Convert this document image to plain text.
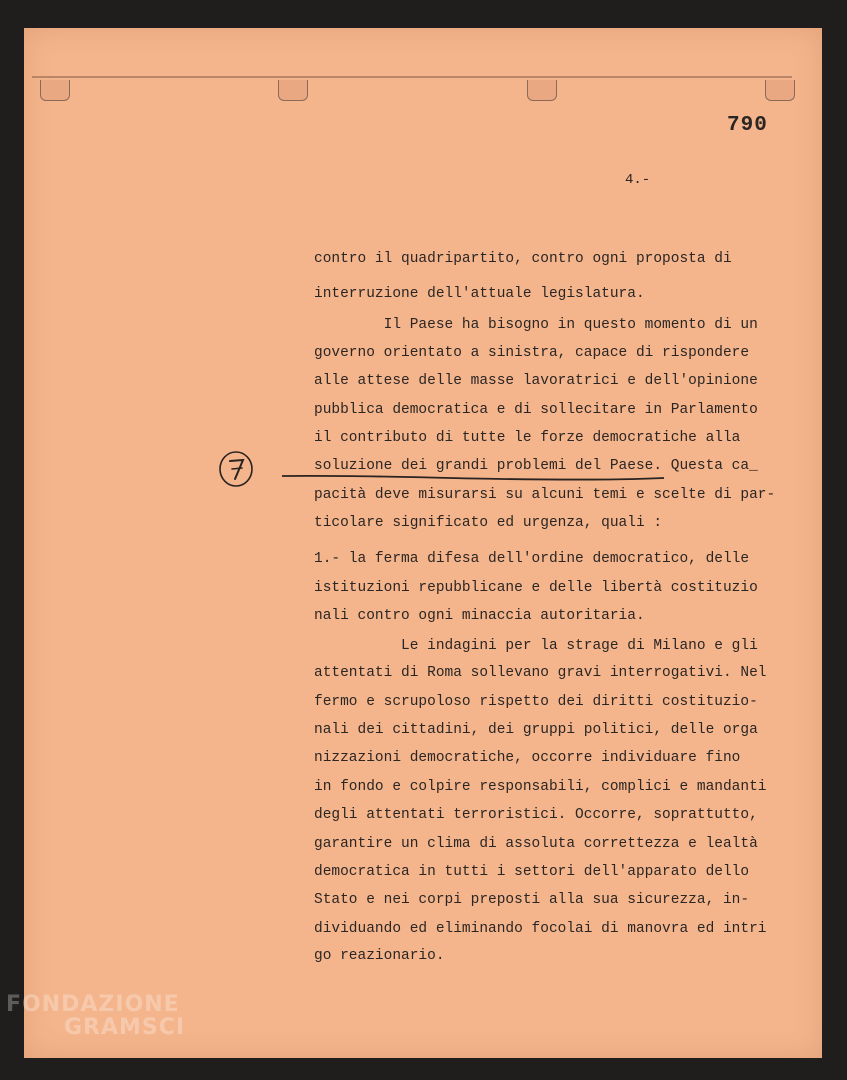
790
4.-
contro il quadripartito, contro ogni proposta di
interruzione dell'attuale legislatura.
Il Paese ha bisogno in questo momento di un
governo orientato a sinistra, capace di rispondere
alle attese delle masse lavoratrici e dell'opinione
pubblica democratica e di sollecitare in Parlamento
il contributo di tutte le forze democratiche alla
soluzione dei grandi problemi del Paese. Questa ca_
pacità deve misurarsi su alcuni temi e scelte di par-
ticolare significato ed urgenza, quali :
1.- la ferma difesa dell'ordine democratico, delle
istituzioni repubblicane e delle libertà costituzio
nali contro ogni minaccia autoritaria.
Le indagini per la strage di Milano e gli
attentati di Roma sollevano gravi interrogativi. Nel
fermo e scrupoloso rispetto dei diritti costituzio-
nali dei cittadini, dei gruppi politici, delle orga
nizzazioni democratiche, occorre individuare fino
in fondo e colpire responsabili, complici e mandanti
degli attentati terroristici. Occorre, soprattutto,
garantire un clima di assoluta correttezza e lealtà
democratica in tutti i settori dell'apparato dello
Stato e nei corpi preposti alla sua sicurezza, in-
dividuando ed eliminando focolai di manovra ed intri
go reazionario.
FONDAZIONE
GRAMSCI
